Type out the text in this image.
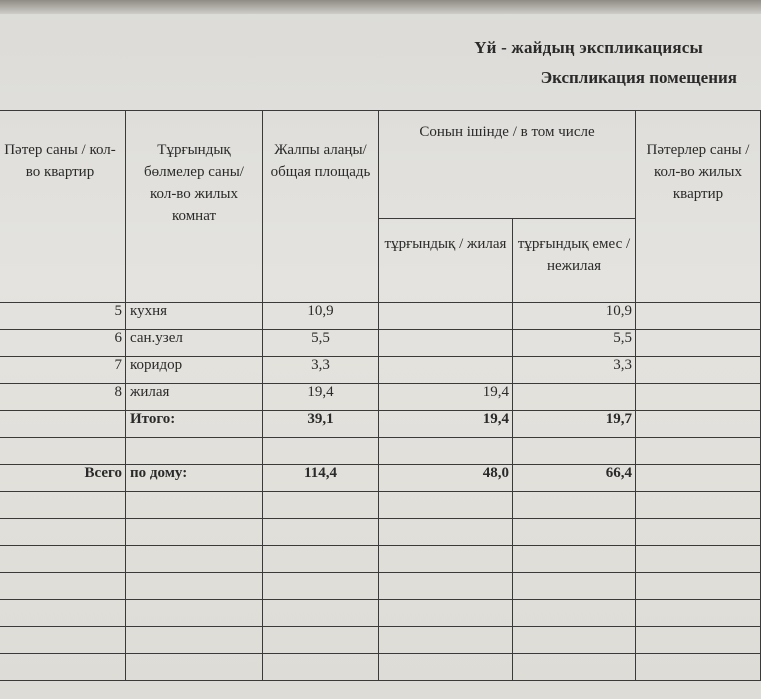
Үй - жайдың экспликациясы
Экспликация помещения
Пәтер саны / кол-во квартир	Тұрғындық бөлмелер саны/ кол-во жилых комнат	Жалпы алаңы/ общая площадь	Сонын ішінде / в том числе		Пәтерлер саны / кол-во жилых квартир

			тұрғындық / жилая	тұрғындық емес / нежилая	

5	кухня	10,9		10,9	
6	сан.узел	5,5		5,5	
7	коридор	3,3		3,3	
8	жилая	19,4	19,4		
	Итого:	39,1	19,4	19,7	

Всего	по дому:	114,4	48,0	66,4	
